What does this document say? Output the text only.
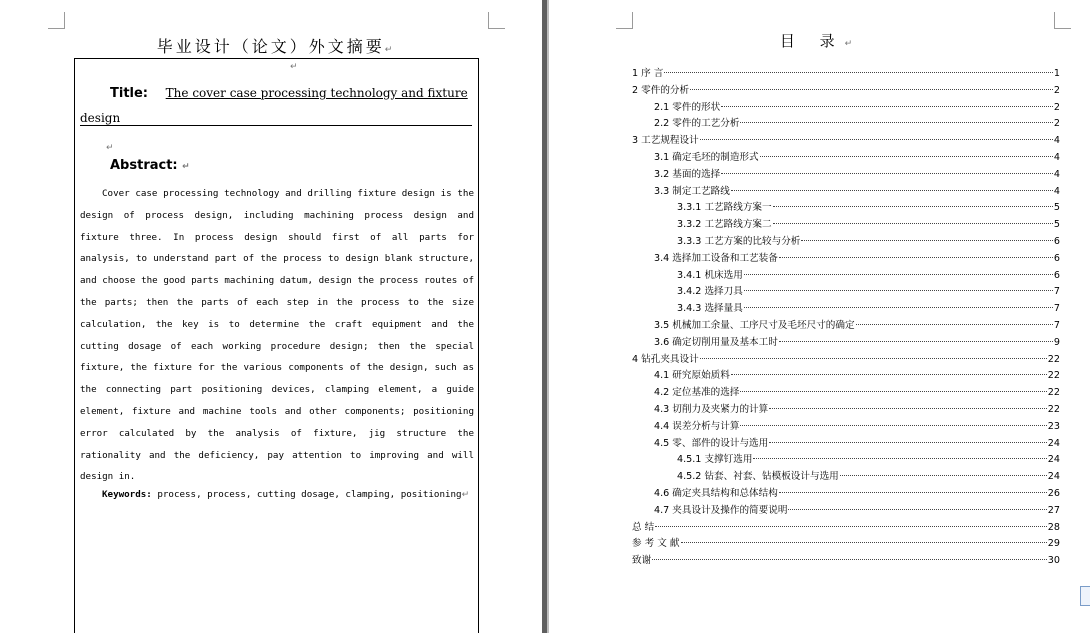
毕业设计（论文）外文摘要↵
↵
Title: The cover case processing technology and fixture
design
↵
Abstract: ↵
Cover case processing technology and drilling fixture design is the design of process design, including machining process design and fixture three. In process design should first of all parts for analysis, to understand part of the process to design blank structure, and choose the good parts machining datum, design the process routes of the parts; then the parts of each step in the process to the size calculation, the key is to determine the craft equipment and the cutting dosage of each working procedure design; then the special fixture, the fixture for the various components of the design, such as the connecting part positioning devices, clamping element, a guide element, fixture and machine tools and other components; positioning error calculated by the analysis of fixture, jig structure the rationality and the deficiency, pay attention to improving and will design in.
Keywords: process, process, cutting dosage, clamping, positioning↵
目 录↵
1 序 言	1
2 零件的分析	2
2.1 零件的形状	2
2.2 零件的工艺分析	2
3 工艺规程设计	4
3.1 确定毛坯的制造形式	4
3.2 基面的选择	4
3.3 制定工艺路线	4
3.3.1 工艺路线方案一	5
3.3.2 工艺路线方案二	5
3.3.3 工艺方案的比较与分析	6
3.4 选择加工设备和工艺装备	6
3.4.1 机床选用	6
3.4.2 选择刀具	7
3.4.3 选择量具	7
3.5 机械加工余量、工序尺寸及毛坯尺寸的确定	7
3.6 确定切削用量及基本工时	9
4 钻孔夹具设计	22
4.1 研究原始质料	22
4.2 定位基准的选择	22
4.3 切削力及夹紧力的计算	22
4.4 误差分析与计算	23
4.5 零、部件的设计与选用	24
4.5.1 支撑钉选用	24
4.5.2 钻套、衬套、钻模板设计与选用	24
4.6 确定夹具结构和总体结构	26
4.7 夹具设计及操作的简要说明	27
总 结	28
参 考 文 献	29
致谢	30
